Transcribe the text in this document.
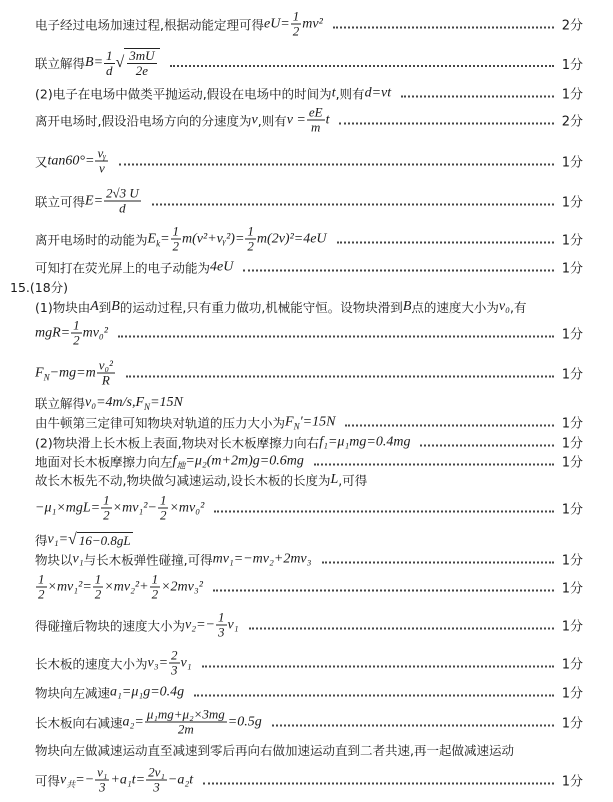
电子经过电场加速过程,根据动能定理可得 $eU= \frac{1}{2} mv^2$	2分
联立解得 $B= \frac{1}{d}$ √ $\frac{3mU}{2e}$	1分
(2)电子在电场中做类平抛运动,假设在电场中的时间为 t ,则有 d=vt	1分
离开电场时,假设沿电场方向的分速度为 v ,则有 $v = \frac{eE}{m}$ t	2分
又 $\tan 60^\circ= \frac{\text{vᵧ}}{v}$	1分
联立可得 $E= \frac{2√3 U}{d}$	1分
离开电场时的动能为 E $k = \frac{1}{2}$ m(v²+vᵧ²)= $\frac{1}{2} m(2v)^2=4eU$	1分
可知打在荧光屏上的电子动能为 4eU	1分
15.(18分)
(1)物块由 A 到 B 的运动过程,只有重力做功,机械能守恒。设物块滑到 B 点的速度大小为 v₀ ,有
$mgR= \frac{1}{2} mv_0^2$	1分
F $N -mg=m \frac{\text{v₀²}}{R}$	1分
联立解得 v₀=4m/s,F N =15N
由牛顿第三定律可知物块对轨道的压力大小为 F N ′=15N	1分
(2)物块滑上长木板上表面,物块对长木板摩擦力向右 f₁=μ₁mg=0.4mg	1分
地面对长木板摩擦力向左 f 地 =μ₂(m+2m)g=0.6mg	1分
故长木板先不动,物块做匀减速运动,设长木板的长度为 L ,可得
$-\mu_1\times mgL= \frac{1}{2} \times mv_1^2- \frac{1}{2} \times mv_0^2$	1分
得 v₁= √ 16−0.8gL
物块以 v₁ 与长木板弹性碰撞,可得 mv₁=−mv₂+2mv₃	1分
$\frac{1}{2} \times mv_1^2= \frac{1}{2} \times mv_2^2+ \frac{1}{2} \times 2mv_3^2$	1分
得碰撞后物块的速度大小为 $v_2=- \frac{1}{3} v_1$	1分
长木板的速度大小为 $v_3= \frac{2}{3} v_1$	1分
物块向左减速 a₁=μ₁g=0.4g	1分
长木板向右减速 $a_2= \frac{\text{μ₁mg+μ₂×3mg}}{2m} =0.5g$	1分
物块向左做减速运动直至减速到零后再向右做加速运动直到二者共速,再一起做减速运动
可得 v 共 =− $\frac{\text{v₁}}{3} +a_1t= \frac{\text{2v₁}}{3} -a_2t$	1分
